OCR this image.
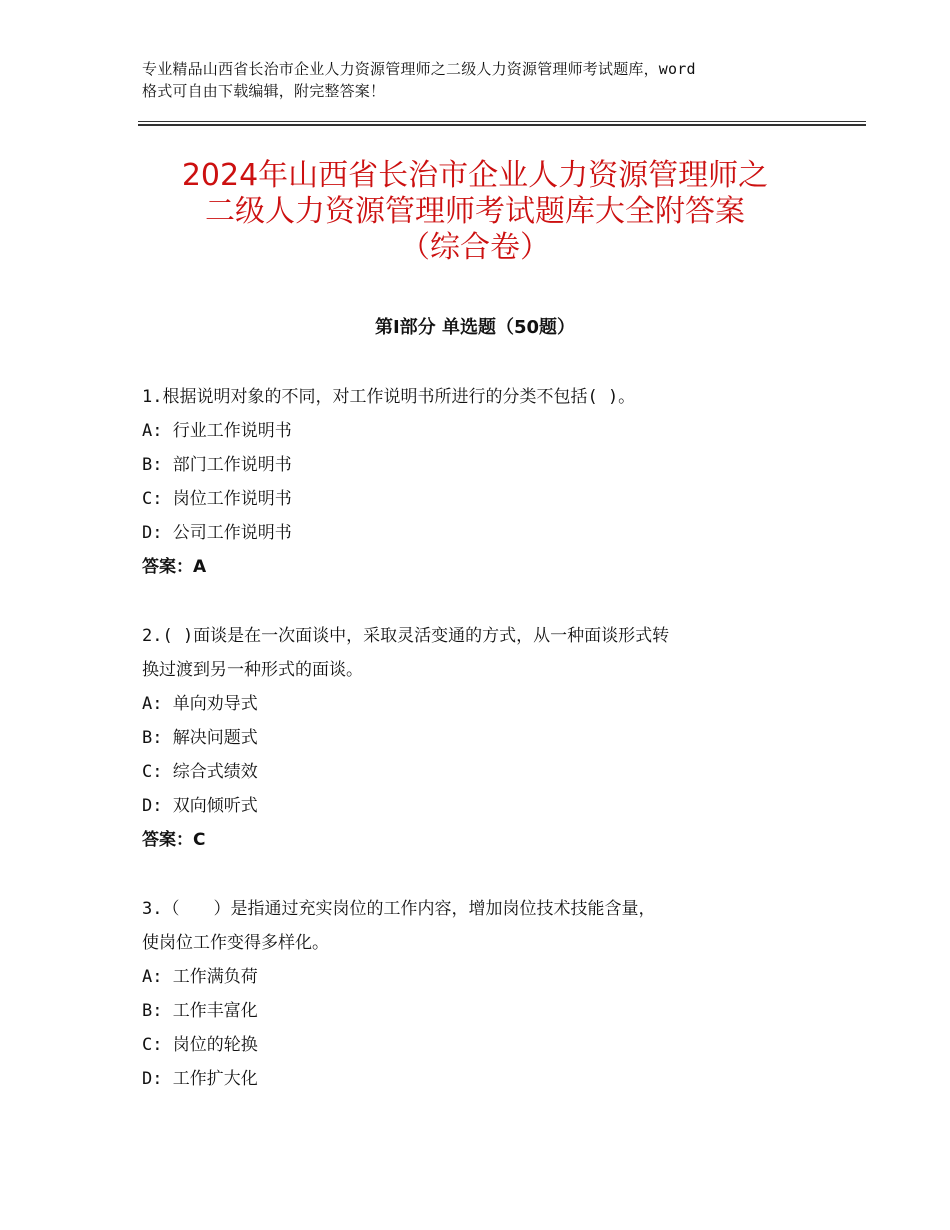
专业精品山西省长治市企业人力资源管理师之二级人力资源管理师考试题库，word
格式可自由下载编辑，附完整答案！
2024年山西省长治市企业人力资源管理师之
二级人力资源管理师考试题库大全附答案
（综合卷）
第Ⅰ部分 单选题（50题）
1.根据说明对象的不同，对工作说明书所进行的分类不包括( )。
A: 行业工作说明书
B: 部门工作说明书
C: 岗位工作说明书
D: 公司工作说明书
答案：A
2.( )面谈是在一次面谈中，采取灵活变通的方式，从一种面谈形式转
换过渡到另一种形式的面谈。
A: 单向劝导式
B: 解决问题式
C: 综合式绩效
D: 双向倾听式
答案：C
3.（　　）是指通过充实岗位的工作内容，增加岗位技术技能含量，
使岗位工作变得多样化。
A: 工作满负荷
B: 工作丰富化
C: 岗位的轮换
D: 工作扩大化
